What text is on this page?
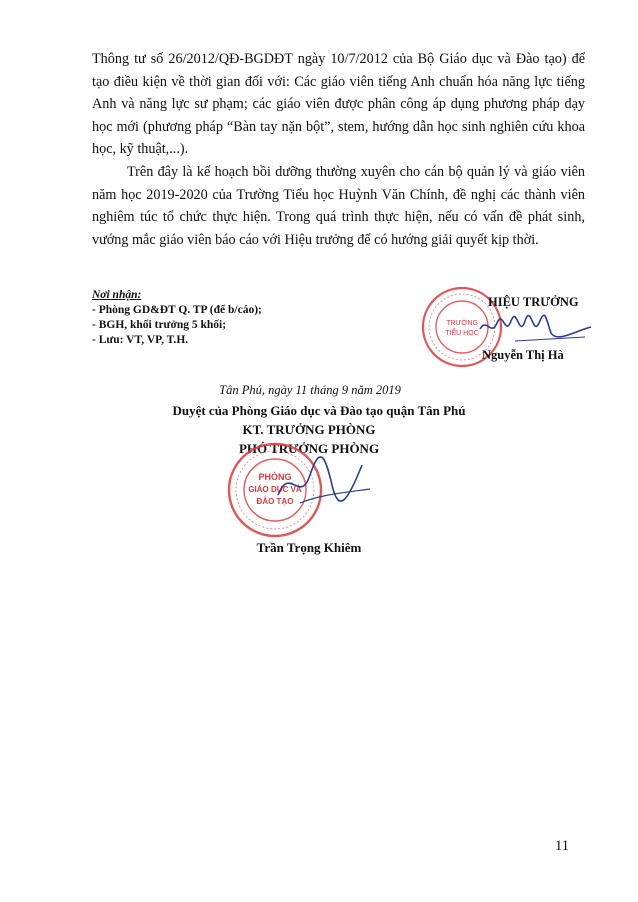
Thông tư số 26/2012/QĐ-BGDĐT ngày 10/7/2012 của Bộ Giáo dục và Đào tạo) để tạo điều kiện về thời gian đối với: Các giáo viên tiếng Anh chuẩn hóa năng lực tiếng Anh và năng lực sư phạm; các giáo viên được phân công áp dụng phương pháp dạy học mới (phương pháp “Bàn tay nặn bột”, stem, hướng dẫn học sinh nghiên cứu khoa học, kỹ thuật,...).

Trên đây là kế hoạch bồi dưỡng thường xuyên cho cán bộ quản lý và giáo viên năm học 2019-2020 của Trường Tiểu học Huỳnh Văn Chính, đề nghị các thành viên nghiêm túc tổ chức thực hiện. Trong quá trình thực hiện, nếu có vấn đề phát sinh, vướng mắc giáo viên báo cáo với Hiệu trưởng để có hướng giải quyết kịp thời.

Nơi nhận:
- Phòng GD&ĐT Q. TP (để b/cáo);
- BGH, khối trưởng 5 khối;
- Lưu: VT, VP, T.H.
TRƯỜNG
TIỂU HỌC
HIỆU TRƯỞNG
Nguyễn Thị Hà
Tân Phú, ngày 11 tháng 9 năm 2019
Duyệt của Phòng Giáo dục và Đào tạo quận Tân Phú
KT. TRƯỞNG PHÒNG
PHÓ TRƯỞNG PHÒNG
PHÒNG
GIÁO DỤC VÀ
ĐÀO TẠO
Trần Trọng Khiêm
11
